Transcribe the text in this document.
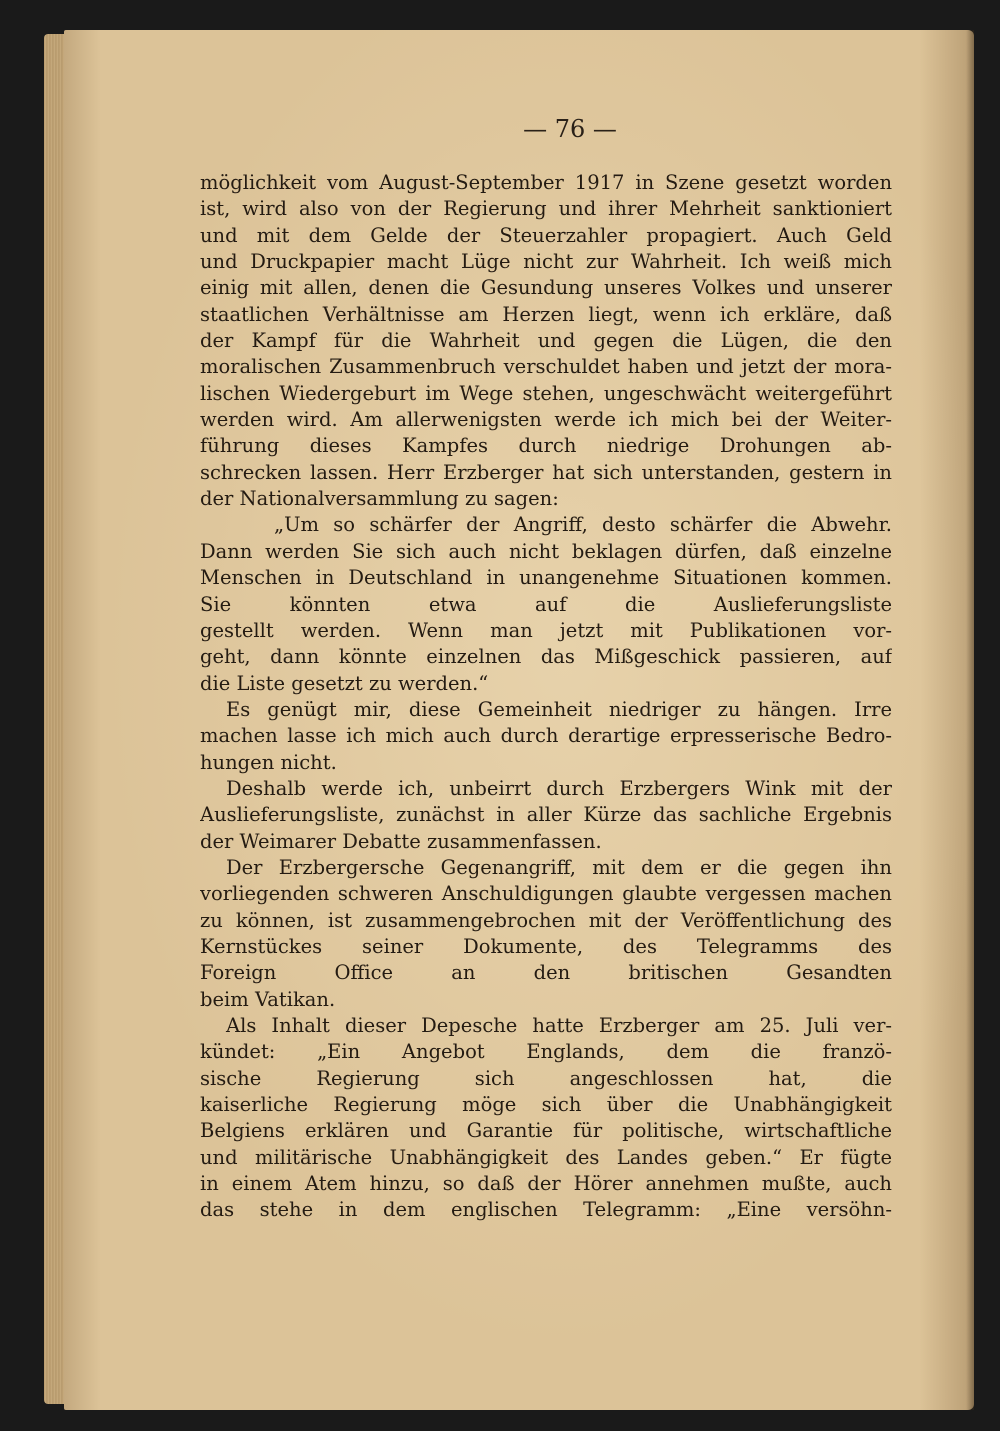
— 76 —
möglichkeit vom August-September 1917 in Szene gesetzt worden
ist, wird also von der Regierung und ihrer Mehrheit sanktioniert
und mit dem Gelde der Steuerzahler propagiert. Auch Geld
und Druckpapier macht Lüge nicht zur Wahrheit. Ich weiß mich
einig mit allen, denen die Gesundung unseres Volkes und unserer
staatlichen Verhältnisse am Herzen liegt, wenn ich erkläre, daß
der Kampf für die Wahrheit und gegen die Lügen, die den
moralischen Zusammenbruch verschuldet haben und jetzt der mora-
lischen Wiedergeburt im Wege stehen, ungeschwächt weitergeführt
werden wird. Am allerwenigsten werde ich mich bei der Weiter-
führung dieses Kampfes durch niedrige Drohungen ab-
schrecken lassen. Herr Erzberger hat sich unterstanden, gestern in
der Nationalversammlung zu sagen:
„Um so schärfer der Angriff, desto schärfer die Abwehr.
Dann werden Sie sich auch nicht beklagen dürfen, daß einzelne
Menschen in Deutschland in unangenehme Situationen kommen.
Sie könnten etwa auf die Auslieferungsliste
gestellt werden. Wenn man jetzt mit Publikationen vor-
geht, dann könnte einzelnen das Mißgeschick passieren, auf
die Liste gesetzt zu werden.“
Es genügt mir, diese Gemeinheit niedriger zu hängen. Irre
machen lasse ich mich auch durch derartige erpresserische Bedro-
hungen nicht.
Deshalb werde ich, unbeirrt durch Erzbergers Wink mit der
Auslieferungsliste, zunächst in aller Kürze das sachliche Ergebnis
der Weimarer Debatte zusammenfassen.
Der Erzbergersche Gegenangriff, mit dem er die gegen ihn
vorliegenden schweren Anschuldigungen glaubte vergessen machen
zu können, ist zusammengebrochen mit der Veröffentlichung des
Kernstückes seiner Dokumente, des Telegramms des
Foreign Office an den britischen Gesandten
beim Vatikan.
Als Inhalt dieser Depesche hatte Erzberger am 25. Juli ver-
kündet: „Ein Angebot Englands, dem die franzö-
sische Regierung sich angeschlossen hat, die
kaiserliche Regierung möge sich über die Unabhängigkeit
Belgiens erklären und Garantie für politische, wirtschaftliche
und militärische Unabhängigkeit des Landes geben.“ Er fügte
in einem Atem hinzu, so daß der Hörer annehmen mußte, auch
das stehe in dem englischen Telegramm: „Eine versöhn-
